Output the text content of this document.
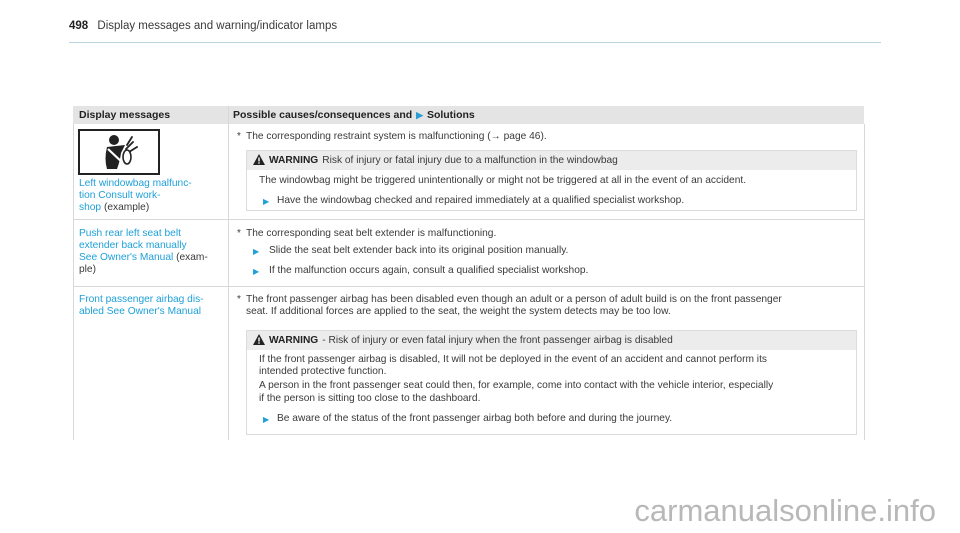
498 Display messages and warning/indicator lamps
Display messages	Possible causes/consequences and ▶ Solutions
Left windowbag malfunc-
tion Consult work-
shop (example)
* The corresponding restraint system is malfunctioning (→ page 46).
WARNING Risk of injury or fatal injury due to a malfunction in the windowbag
The windowbag might be triggered unintentionally or might not be triggered at all in the event of an accident.
▶ Have the windowbag checked and repaired immediately at a qualified specialist workshop.
Push rear left seat belt
extender back manually
See Owner's Manual (exam-
ple)
* The corresponding seat belt extender is malfunctioning.
▶ Slide the seat belt extender back into its original position manually.
▶ If the malfunction occurs again, consult a qualified specialist workshop.
Front passenger airbag dis-
abled See Owner's Manual
* The front passenger airbag has been disabled even though an adult or a person of adult build is on the front passenger
seat. If additional forces are applied to the seat, the weight the system detects may be too low.
WARNING - Risk of injury or even fatal injury when the front passenger airbag is disabled
If the front passenger airbag is disabled, It will not be deployed in the event of an accident and cannot perform its
intended protective function.
A person in the front passenger seat could then, for example, come into contact with the vehicle interior, especially
if the person is sitting too close to the dashboard.
▶ Be aware of the status of the front passenger airbag both before and during the journey.
carmanualsonline.info
